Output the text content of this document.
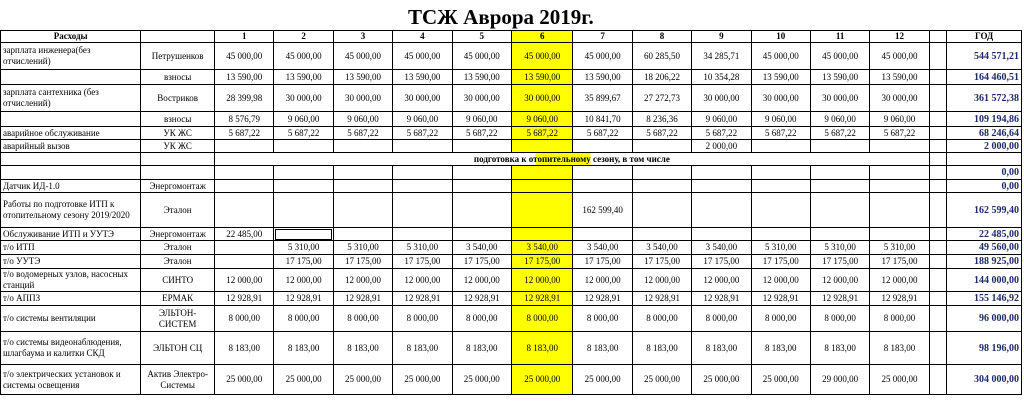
ТСЖ Аврора 2019г.
Расходы		1	2	3	4	5	6	7	8	9	10	11	12		ГОД
зарплата инженера(без отчислений)	Петрушенков	45 000,00	45 000,00	45 000,00	45 000,00	45 000,00	45 000,00	45 000,00	60 285,50	34 285,71	45 000,00	45 000,00	45 000,00		544 571,21
	взносы	13 590,00	13 590,00	13 590,00	13 590,00	13 590,00	13 590,00	13 590,00	18 206,22	10 354,28	13 590,00	13 590,00	13 590,00		164 460,51
зарплата сантехника (без отчислений)	Востриков	28 399,98	30 000,00	30 000,00	30 000,00	30 000,00	30 000,00	35 899,67	27 272,73	30 000,00	30 000,00	30 000,00	30 000,00		361 572,38
	взносы	8 576,79	9 060,00	9 060,00	9 060,00	9 060,00	9 060,00	10 841,70	8 236,36	9 060,00	9 060,00	9 060,00	9 060,00		109 194,86
аварийное обслуживание	УК ЖС	5 687,22	5 687,22	5 687,22	5 687,22	5 687,22	5 687,22	5 687,22	5 687,22	5 687,22	5 687,22	5 687,22	5 687,22		68 246,64
аварийный вызов	УК ЖС									2 000,00					2 000,00
		подготовка к отопительному сезону, в том числе													
															0,00
Датчик ИД-1.0	Энергомонтаж														0,00
Работы по подготовке ИТП к отопительному сезону 2019/2020	Эталон							162 599,40							162 599,40
Обслуживание ИТП и УУТЭ	Энергомонтаж	22 485,00													22 485,00
т/о ИТП	Эталон		5 310,00	5 310,00	5 310,00	3 540,00	3 540,00	3 540,00	3 540,00	3 540,00	5 310,00	5 310,00	5 310,00		49 560,00
т/о УУТЭ	Эталон		17 175,00	17 175,00	17 175,00	17 175,00	17 175,00	17 175,00	17 175,00	17 175,00	17 175,00	17 175,00	17 175,00		188 925,00
т/о водомерных узлов, насосных станций	СИНТО	12 000,00	12 000,00	12 000,00	12 000,00	12 000,00	12 000,00	12 000,00	12 000,00	12 000,00	12 000,00	12 000,00	12 000,00		144 000,00
т/о АППЗ	ЕРМАК	12 928,91	12 928,91	12 928,91	12 928,91	12 928,91	12 928,91	12 928,91	12 928,91	12 928,91	12 928,91	12 928,91	12 928,91		155 146,92
т/о системы вентиляции	ЭЛЬТОН-СИСТЕМ	8 000,00	8 000,00	8 000,00	8 000,00	8 000,00	8 000,00	8 000,00	8 000,00	8 000,00	8 000,00	8 000,00	8 000,00		96 000,00
т/о системы видеонаблюдения, шлагбаума и калитки СКД	ЭЛЬТОН СЦ	8 183,00	8 183,00	8 183,00	8 183,00	8 183,00	8 183,00	8 183,00	8 183,00	8 183,00	8 183,00	8 183,00	8 183,00		98 196,00
т/о электрических установок и системы освещения	Актив Электро-Системы	25 000,00	25 000,00	25 000,00	25 000,00	25 000,00	25 000,00	25 000,00	25 000,00	25 000,00	25 000,00	29 000,00	25 000,00		304 000,00
